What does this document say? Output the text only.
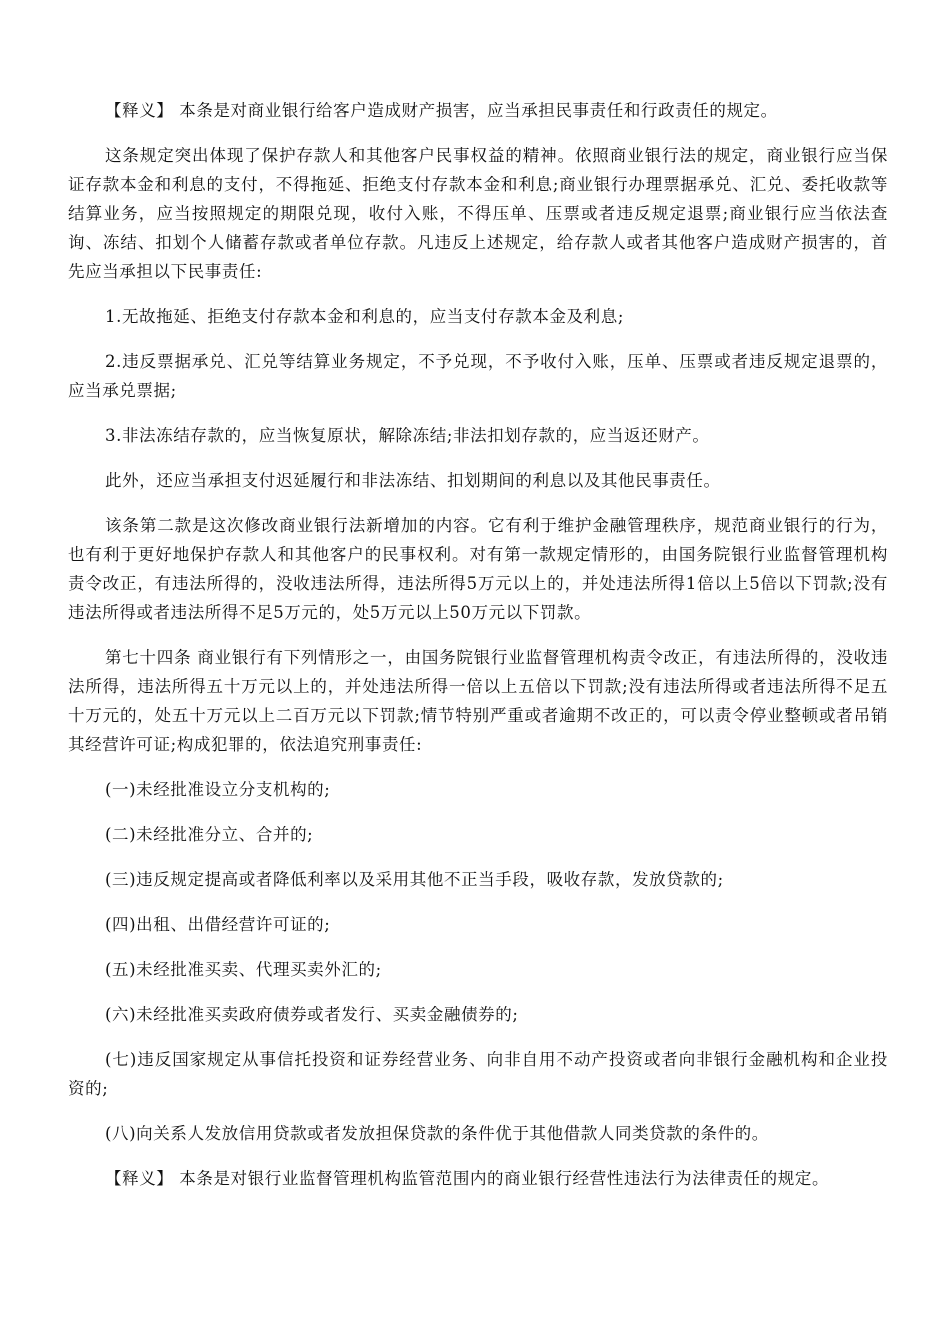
【释义】 本条是对商业银行给客户造成财产损害，应当承担民事责任和行政责任的规定。

这条规定突出体现了保护存款人和其他客户民事权益的精神。依照商业银行法的规定，商业银行应当保证存款本金和利息的支付，不得拖延、拒绝支付存款本金和利息;商业银行办理票据承兑、汇兑、委托收款等结算业务，应当按照规定的期限兑现，收付入账，不得压单、压票或者违反规定退票;商业银行应当依法查询、冻结、扣划个人储蓄存款或者单位存款。凡违反上述规定，给存款人或者其他客户造成财产损害的，首先应当承担以下民事责任:

1.无故拖延、拒绝支付存款本金和利息的，应当支付存款本金及利息;

2.违反票据承兑、汇兑等结算业务规定，不予兑现，不予收付入账，压单、压票或者违反规定退票的，应当承兑票据;

3.非法冻结存款的，应当恢复原状，解除冻结;非法扣划存款的，应当返还财产。

此外，还应当承担支付迟延履行和非法冻结、扣划期间的利息以及其他民事责任。

该条第二款是这次修改商业银行法新增加的内容。它有利于维护金融管理秩序，规范商业银行的行为，也有利于更好地保护存款人和其他客户的民事权利。对有第一款规定情形的，由国务院银行业监督管理机构责令改正，有违法所得的，没收违法所得，违法所得5万元以上的，并处违法所得1倍以上5倍以下罚款;没有违法所得或者违法所得不足5万元的，处5万元以上50万元以下罚款。

第七十四条 商业银行有下列情形之一，由国务院银行业监督管理机构责令改正，有违法所得的，没收违法所得，违法所得五十万元以上的，并处违法所得一倍以上五倍以下罚款;没有违法所得或者违法所得不足五十万元的，处五十万元以上二百万元以下罚款;情节特别严重或者逾期不改正的，可以责令停业整顿或者吊销其经营许可证;构成犯罪的，依法追究刑事责任:

(一)未经批准设立分支机构的;

(二)未经批准分立、合并的;

(三)违反规定提高或者降低利率以及采用其他不正当手段，吸收存款，发放贷款的;

(四)出租、出借经营许可证的;

(五)未经批准买卖、代理买卖外汇的;

(六)未经批准买卖政府债券或者发行、买卖金融债券的;

(七)违反国家规定从事信托投资和证券经营业务、向非自用不动产投资或者向非银行金融机构和企业投资的;

(八)向关系人发放信用贷款或者发放担保贷款的条件优于其他借款人同类贷款的条件的。

【释义】 本条是对银行业监督管理机构监管范围内的商业银行经营性违法行为法律责任的规定。
